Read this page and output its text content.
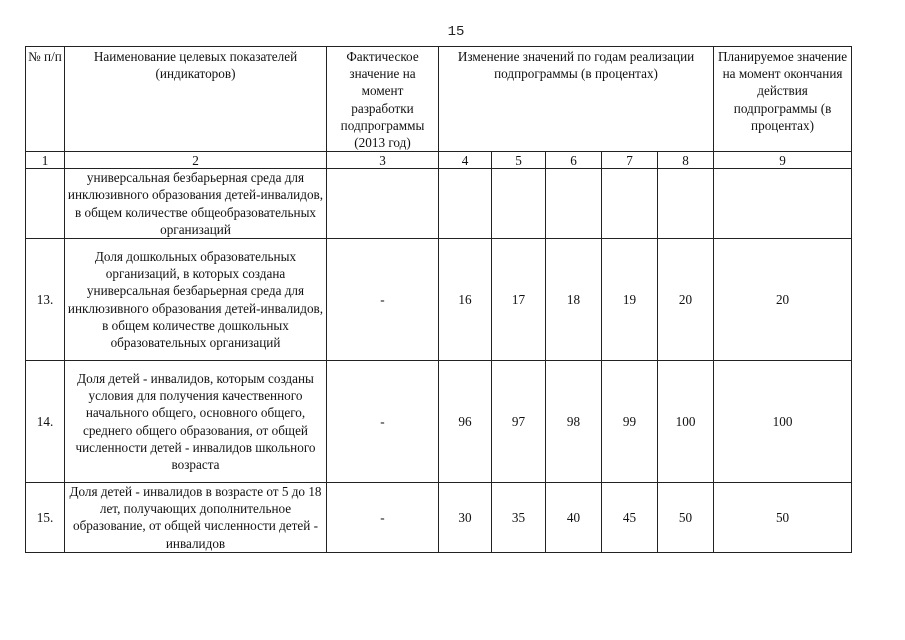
15
№ п/п	Наименование целевых показателей (индикаторов)	Фактическое значение на момент разработки подпрограммы (2013 год)	Изменение значений по годам реализации подпрограммы (в процентах)					Планируемое значение на момент окончания действия подпрограммы (в процентах)
1	2	3	4	5	6	7	8	9
	универсальная безбарьерная среда для инклюзивного образования детей-инвалидов, в общем количестве общеобразовательных организаций							
13.	Доля дошкольных образовательных организаций, в которых создана универсальная безбарьерная среда для инклюзивного образования детей-инвалидов, в общем количестве дошкольных образовательных организаций	-	16	17	18	19	20	20
14.	Доля детей - инвалидов, которым созданы условия для получения качественного начального общего, основного общего, среднего общего образования, от общей численности детей - инвалидов школьного возраста	-	96	97	98	99	100	100
15.	Доля детей - инвалидов в возрасте от 5 до 18 лет, получающих дополнительное образование, от общей численности детей - инвалидов	-	30	35	40	45	50	50
